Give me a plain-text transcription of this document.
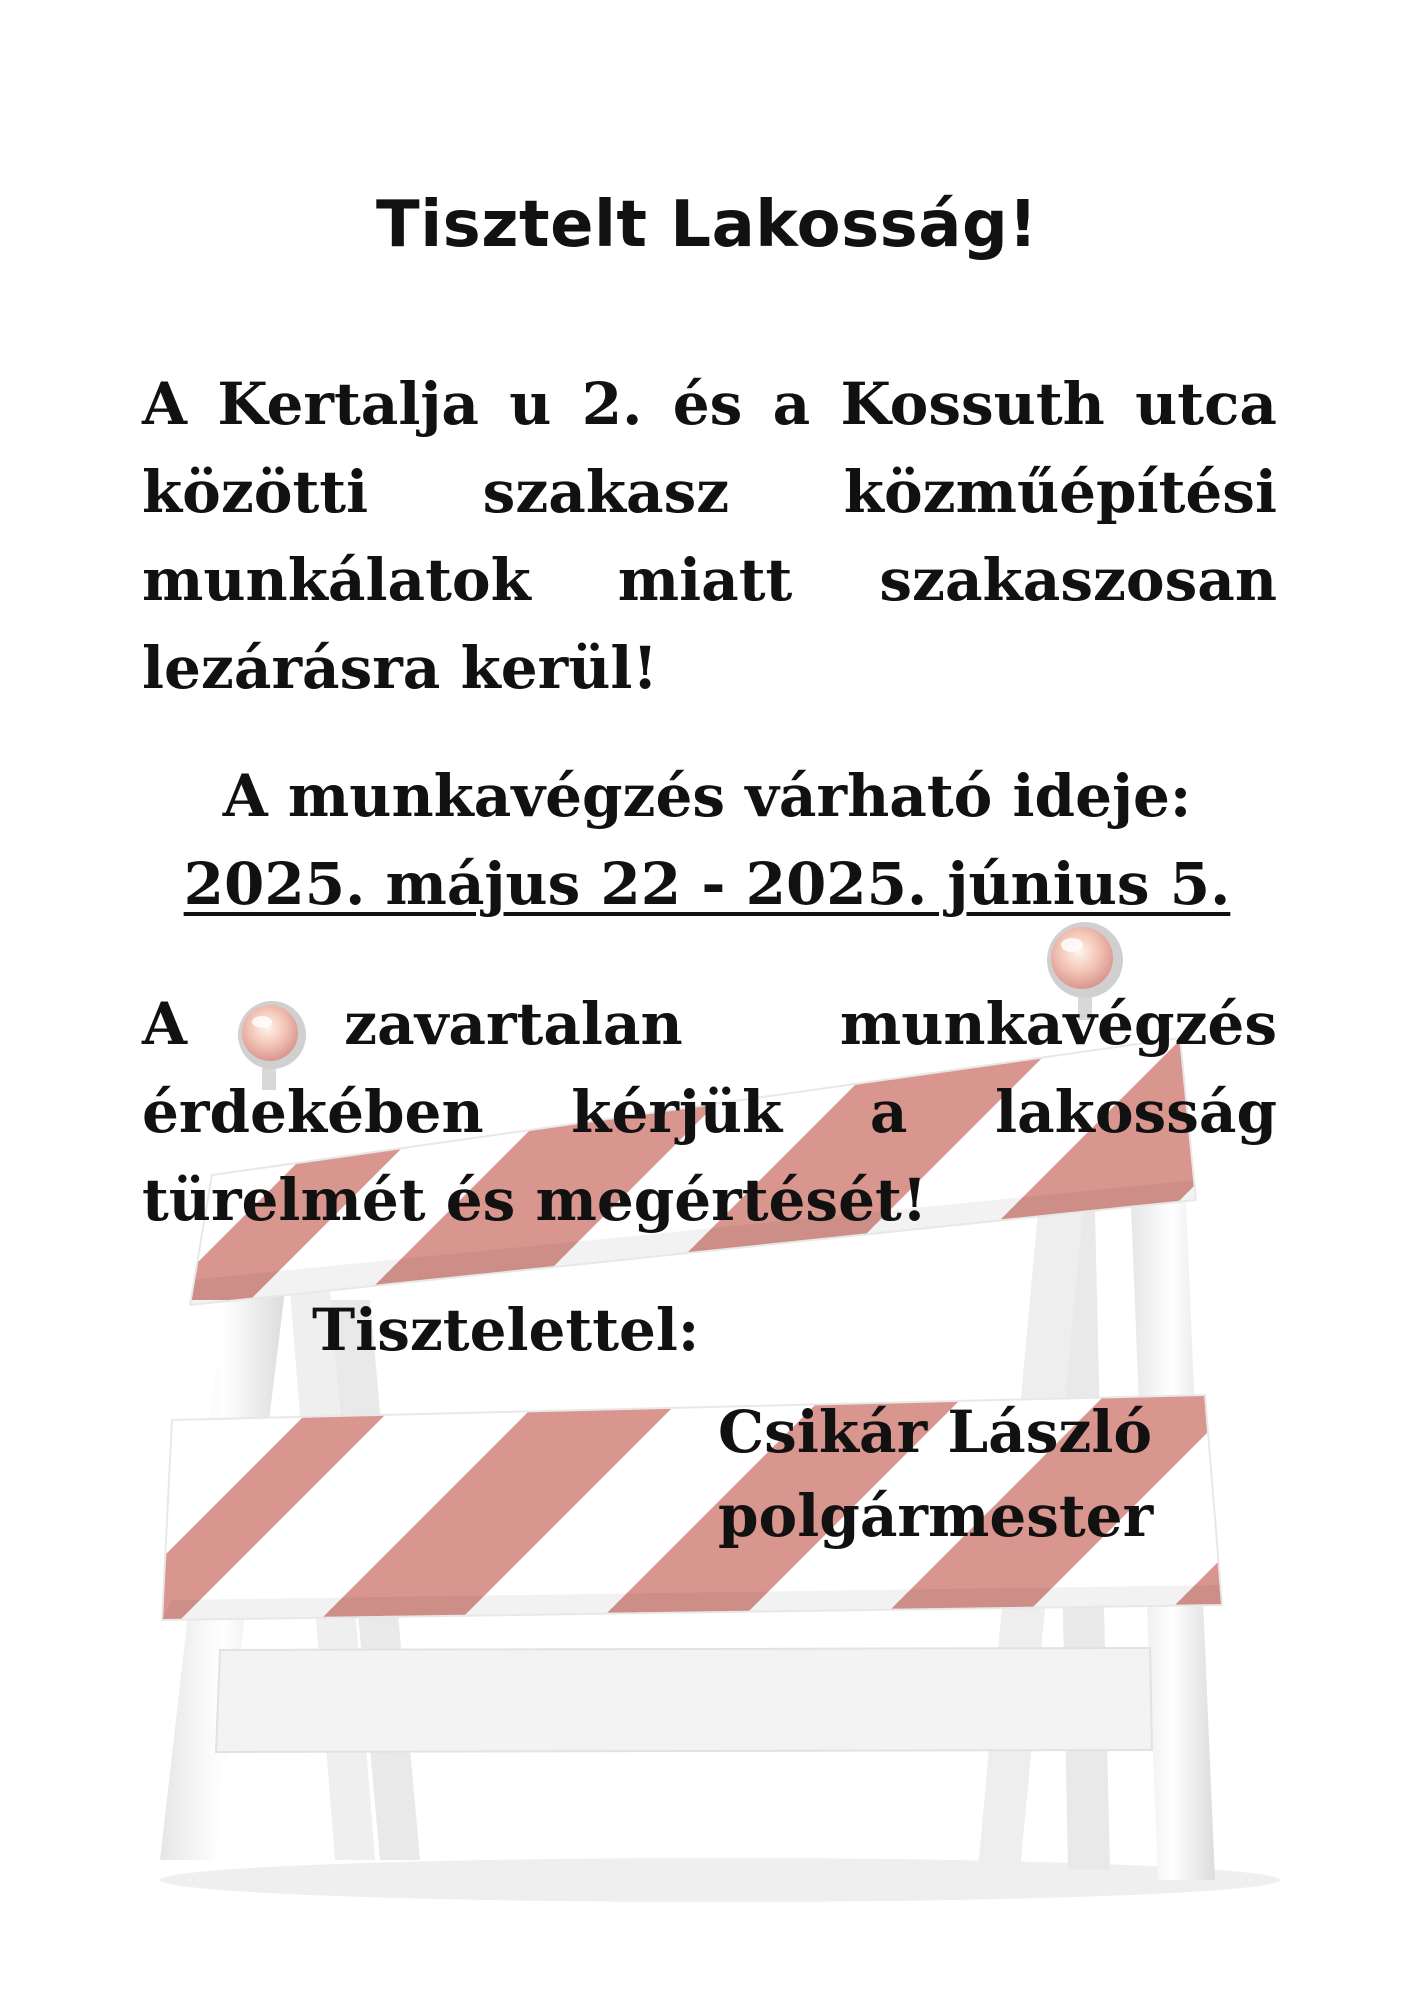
Tisztelt Lakosság!
A Kertalja u 2. és a Kossuth utca
közötti szakasz közműépítési
munkálatok miatt szakaszosan
lezárásra kerül!
A munkavégzés várható ideje:
2025. május 22 - 2025. június 5.
A zavartalan munkavégzés
érdekében kérjük a lakosság
türelmét és megértését!
Tisztelettel:
Csikár László
polgármester
